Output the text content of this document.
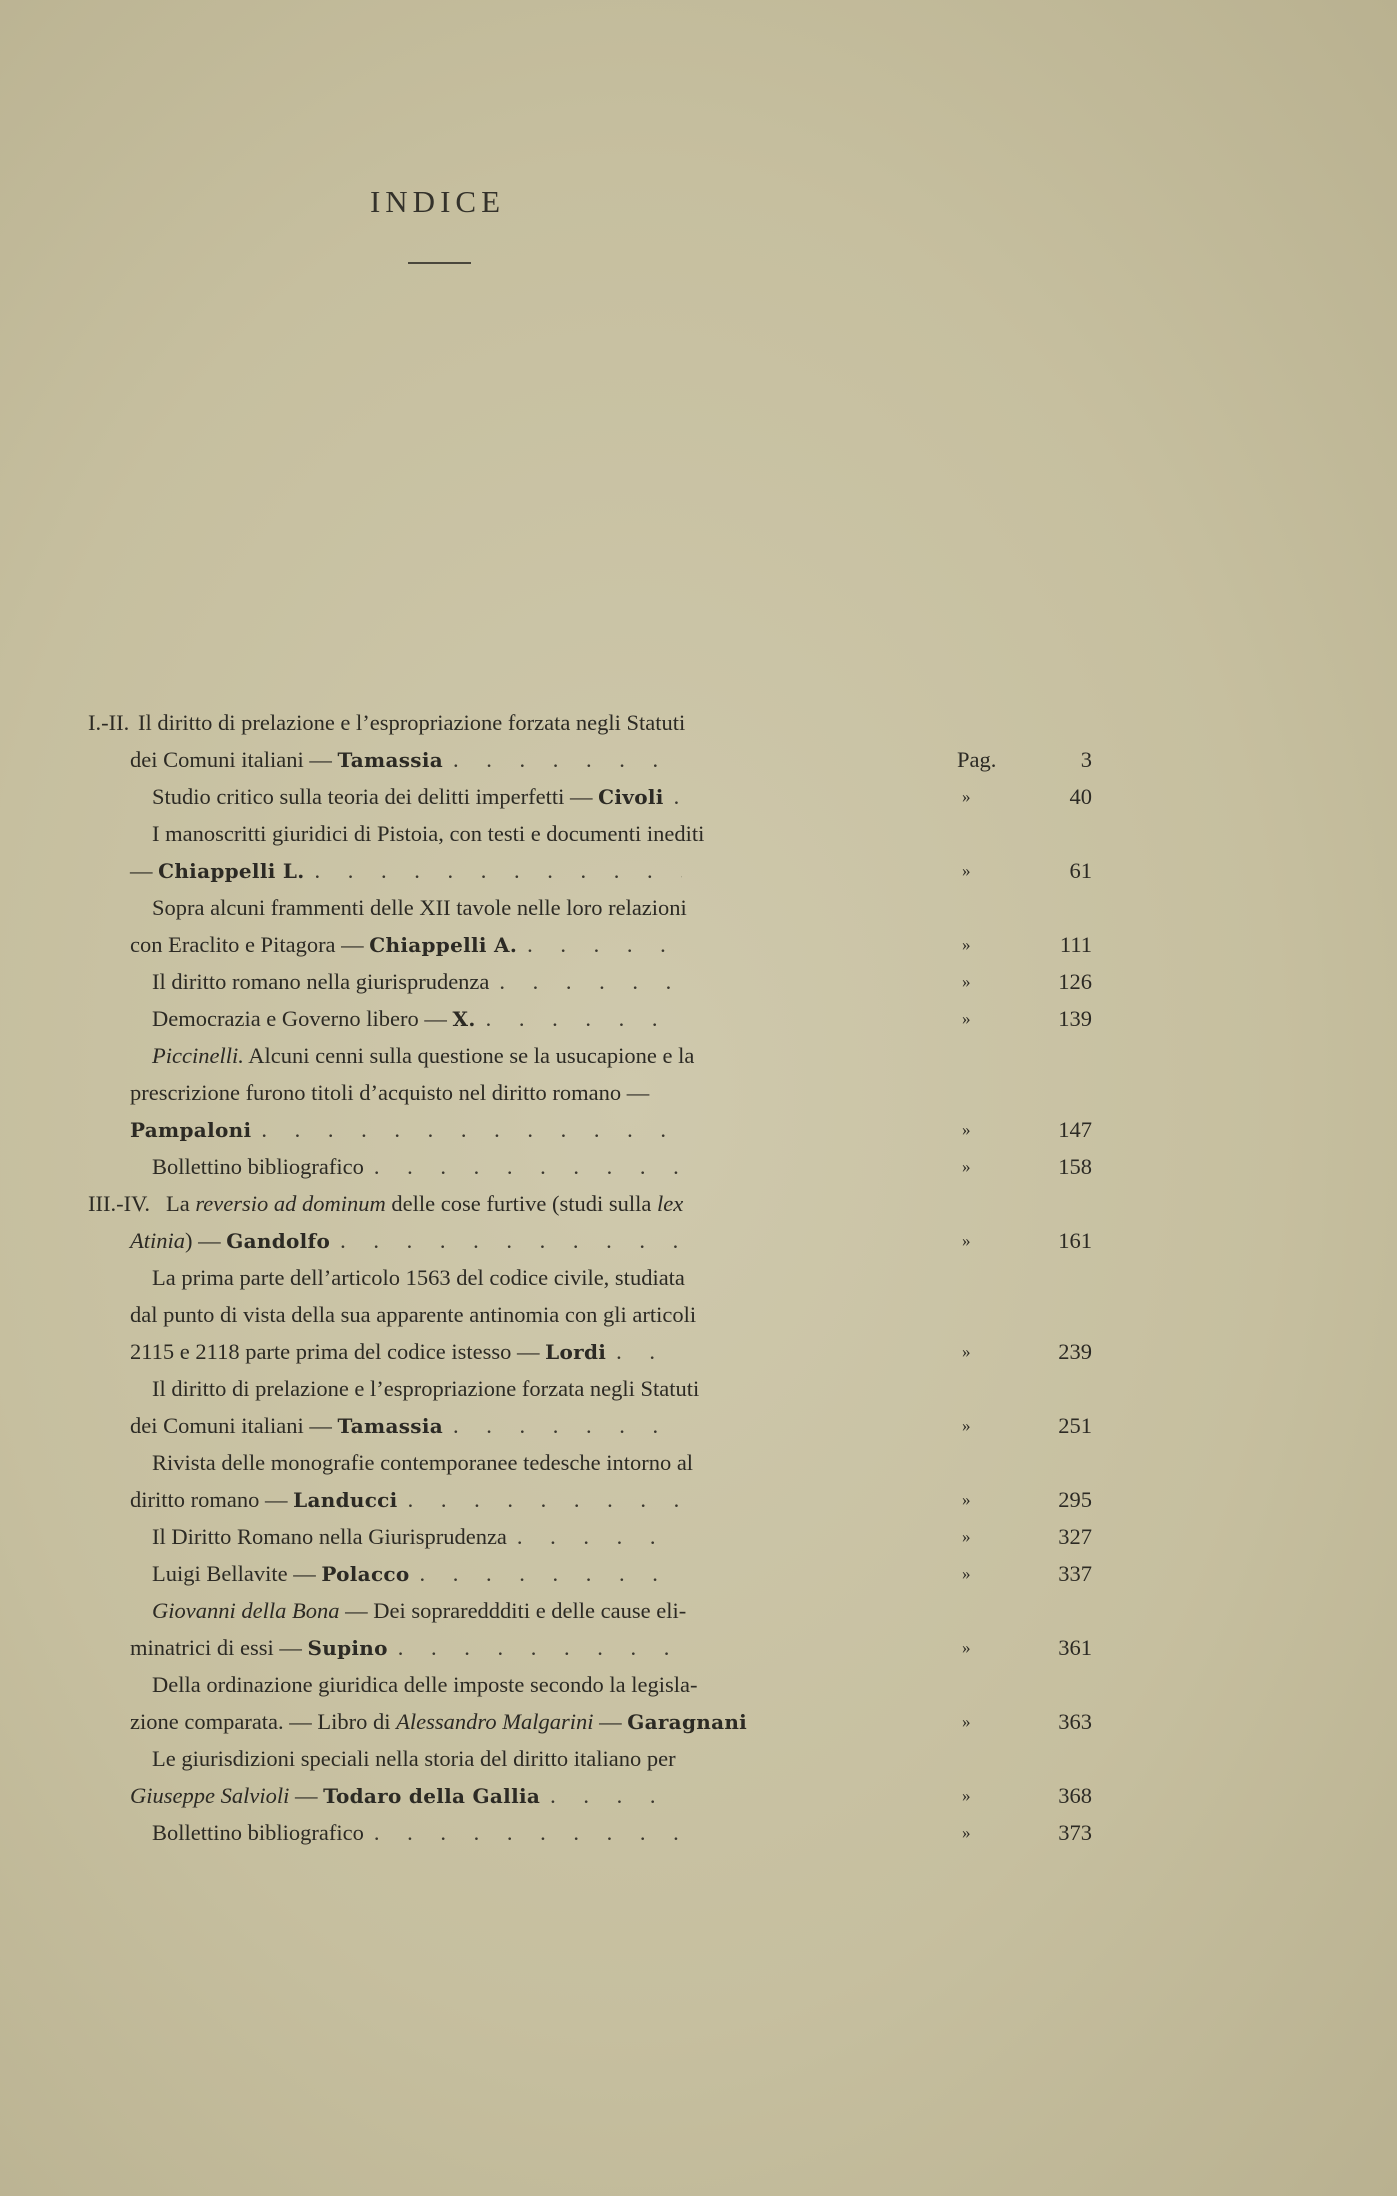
INDICE
I.-II. Il diritto di prelazione e l’espropriazione forzata negli Statuti
dei Comuni italiani — Tamassia . . .	Pag.	3
Studio critico sulla teoria dei delitti imperfetti — Civoli . . .	»	40
I manoscritti giuridici di Pistoia, con testi e documenti inediti
— Chiappelli L. . . .	»	61
Sopra alcuni frammenti delle XII tavole nelle loro relazioni
con Eraclito e Pitagora — Chiappelli A. . . .	»	111
Il diritto romano nella giurisprudenza . . .	»	126
Democrazia e Governo libero — X. . . .	»	139
Piccinelli. Alcuni cenni sulla questione se la usucapione e la
prescrizione furono titoli d’acquisto nel diritto romano —
Pampaloni . . .	»	147
Bollettino bibliografico . . .	»	158
III.-IV. La reversio ad dominum delle cose furtive (studi sulla lex
Atinia ) — Gandolfo . . .	»	161
La prima parte dell’articolo 1563 del codice civile, studiata
dal punto di vista della sua apparente antinomia con gli articoli
2115 e 2118 parte prima del codice istesso — Lordi . . .	»	239
Il diritto di prelazione e l’espropriazione forzata negli Statuti
dei Comuni italiani — Tamassia . . .	»	251
Rivista delle monografie contemporanee tedesche intorno al
diritto romano — Landucci . . .	»	295
Il Diritto Romano nella Giurisprudenza . . .	»	327
Luigi Bellavite — Polacco . . .	»	337
Giovanni della Bona — Dei soprareddditi e delle cause eli-
minatrici di essi — Supino . . .	»	361
Della ordinazione giuridica delle imposte secondo la legisla-
zione comparata. — Libro di Alessandro Malgarini — Garagnani	»	363
Le giurisdizioni speciali nella storia del diritto italiano per
Giuseppe Salvioli — Todaro della Gallia . . .	»	368
Bollettino bibliografico . . .	»	373
